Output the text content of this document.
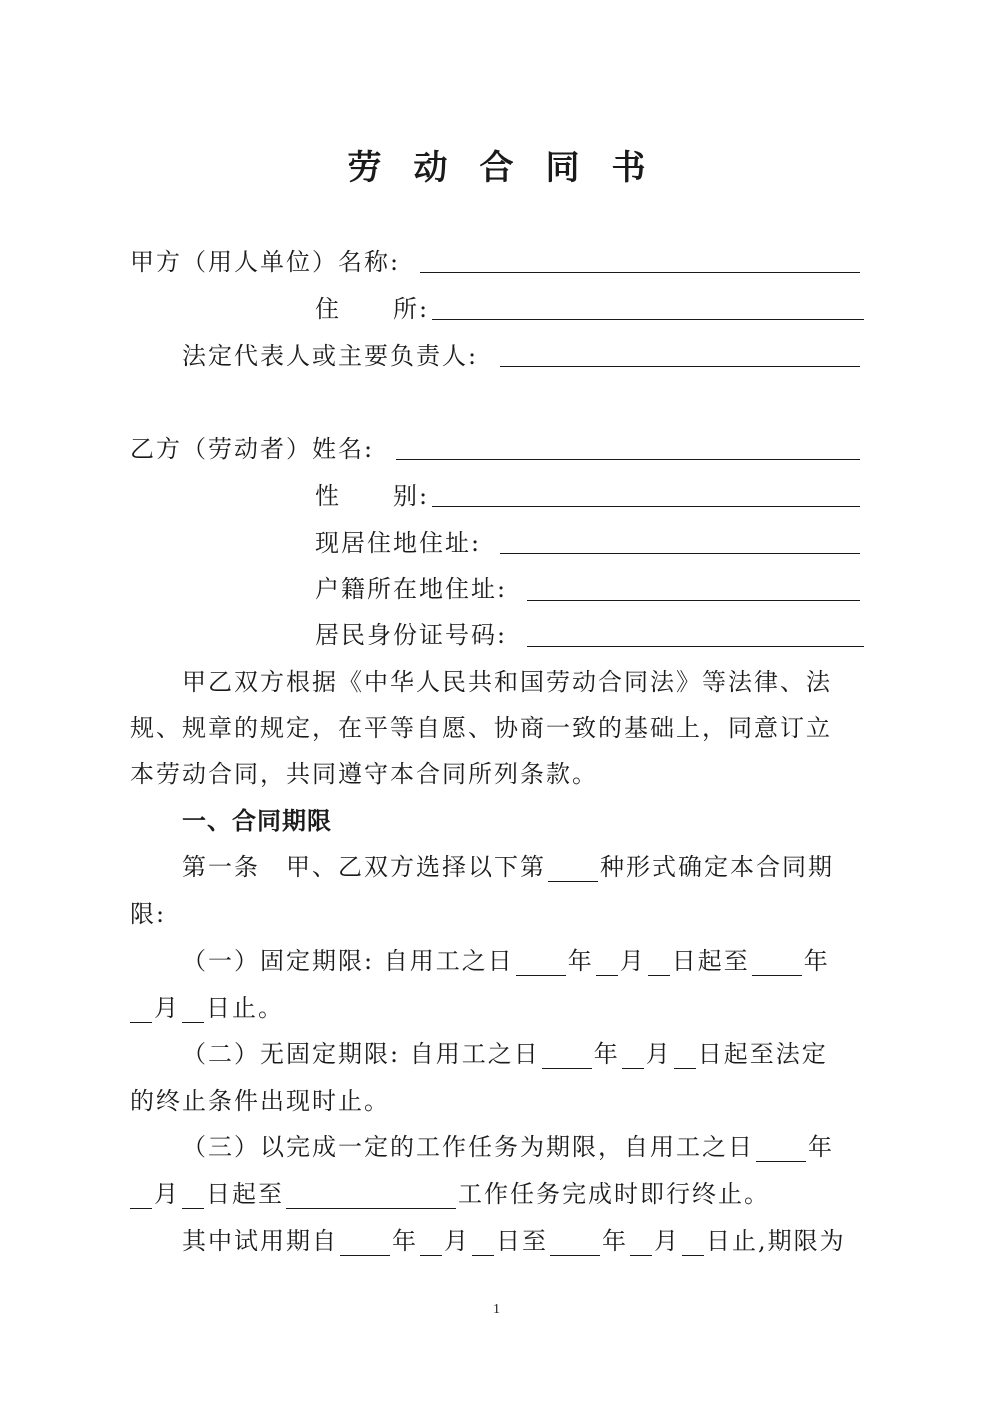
劳 动 合 同 书
甲方（用人单位）名称:
住　　所:
法定代表人或主要负责人:
乙方（劳动者）姓名:
性　　别:
现居住地住址:
户籍所在地住址:
居民身份证号码:
甲乙双方根据《中华人民共和国劳动合同法》等法律、法
规、规章的规定，在平等自愿、协商一致的基础上，同意订立
本劳动合同，共同遵守本合同所列条款。
一、合同期限
第一条　甲、乙双方选择以下第 种形式确定本合同期
限:
（一）固定期限: 自用工之日 年 月 日起至 年
月 日止。
（二）无固定期限: 自用工之日 年 月 日起至法定
的终止条件出现时止。
（三）以完成一定的工作任务为期限，自用工之日 年
月 日起至	工作任务完成时即行终止。
其中试用期自 年 月 日至 年 月 日止,期限为
1
